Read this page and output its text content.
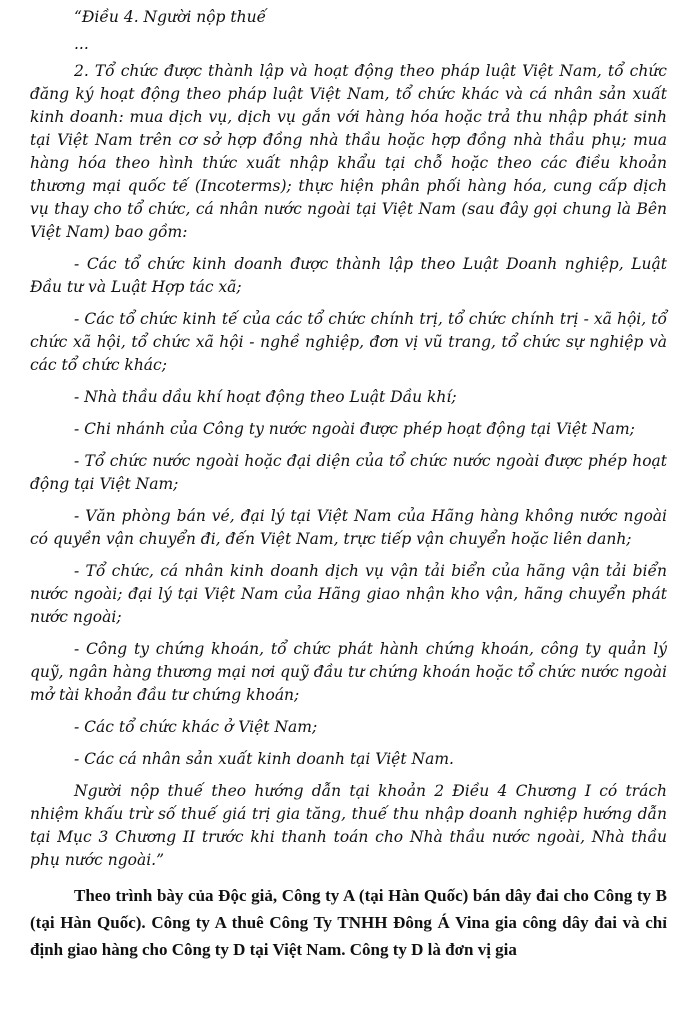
“Điều 4. Người nộp thuế

...

2. Tổ chức được thành lập và hoạt động theo pháp luật Việt Nam, tổ chức đăng ký hoạt động theo pháp luật Việt Nam, tổ chức khác và cá nhân sản xuất kinh doanh: mua dịch vụ, dịch vụ gắn với hàng hóa hoặc trả thu nhập phát sinh tại Việt Nam trên cơ sở hợp đồng nhà thầu hoặc hợp đồng nhà thầu phụ; mua hàng hóa theo hình thức xuất nhập khẩu tại chỗ hoặc theo các điều khoản thương mại quốc tế (Incoterms); thực hiện phân phối hàng hóa, cung cấp dịch vụ thay cho tổ chức, cá nhân nước ngoài tại Việt Nam (sau đây gọi chung là Bên Việt Nam) bao gồm:

- Các tổ chức kinh doanh được thành lập theo Luật Doanh nghiệp, Luật Đầu tư và Luật Hợp tác xã;

- Các tổ chức kinh tế của các tổ chức chính trị, tổ chức chính trị - xã hội, tổ chức xã hội, tổ chức xã hội - nghề nghiệp, đơn vị vũ trang, tổ chức sự nghiệp và các tổ chức khác;

- Nhà thầu dầu khí hoạt động theo Luật Dầu khí;

- Chi nhánh của Công ty nước ngoài được phép hoạt động tại Việt Nam;

- Tổ chức nước ngoài hoặc đại diện của tổ chức nước ngoài được phép hoạt động tại Việt Nam;

- Văn phòng bán vé, đại lý tại Việt Nam của Hãng hàng không nước ngoài có quyền vận chuyển đi, đến Việt Nam, trực tiếp vận chuyển hoặc liên danh;

- Tổ chức, cá nhân kinh doanh dịch vụ vận tải biển của hãng vận tải biển nước ngoài; đại lý tại Việt Nam của Hãng giao nhận kho vận, hãng chuyển phát nước ngoài;

- Công ty chứng khoán, tổ chức phát hành chứng khoán, công ty quản lý quỹ, ngân hàng thương mại nơi quỹ đầu tư chứng khoán hoặc tổ chức nước ngoài mở tài khoản đầu tư chứng khoán;

- Các tổ chức khác ở Việt Nam;

- Các cá nhân sản xuất kinh doanh tại Việt Nam.

Người nộp thuế theo hướng dẫn tại khoản 2 Điều 4 Chương I có trách nhiệm khấu trừ số thuế giá trị gia tăng, thuế thu nhập doanh nghiệp hướng dẫn tại Mục 3 Chương II trước khi thanh toán cho Nhà thầu nước ngoài, Nhà thầu phụ nước ngoài.”

Theo trình bày của Độc giả, Công ty A (tại Hàn Quốc) bán dây đai cho Công ty B (tại Hàn Quốc). Công ty A thuê Công Ty TNHH Đông Á Vina gia công dây đai và chỉ định giao hàng cho Công ty D tại Việt Nam. Công ty D là đơn vị gia
